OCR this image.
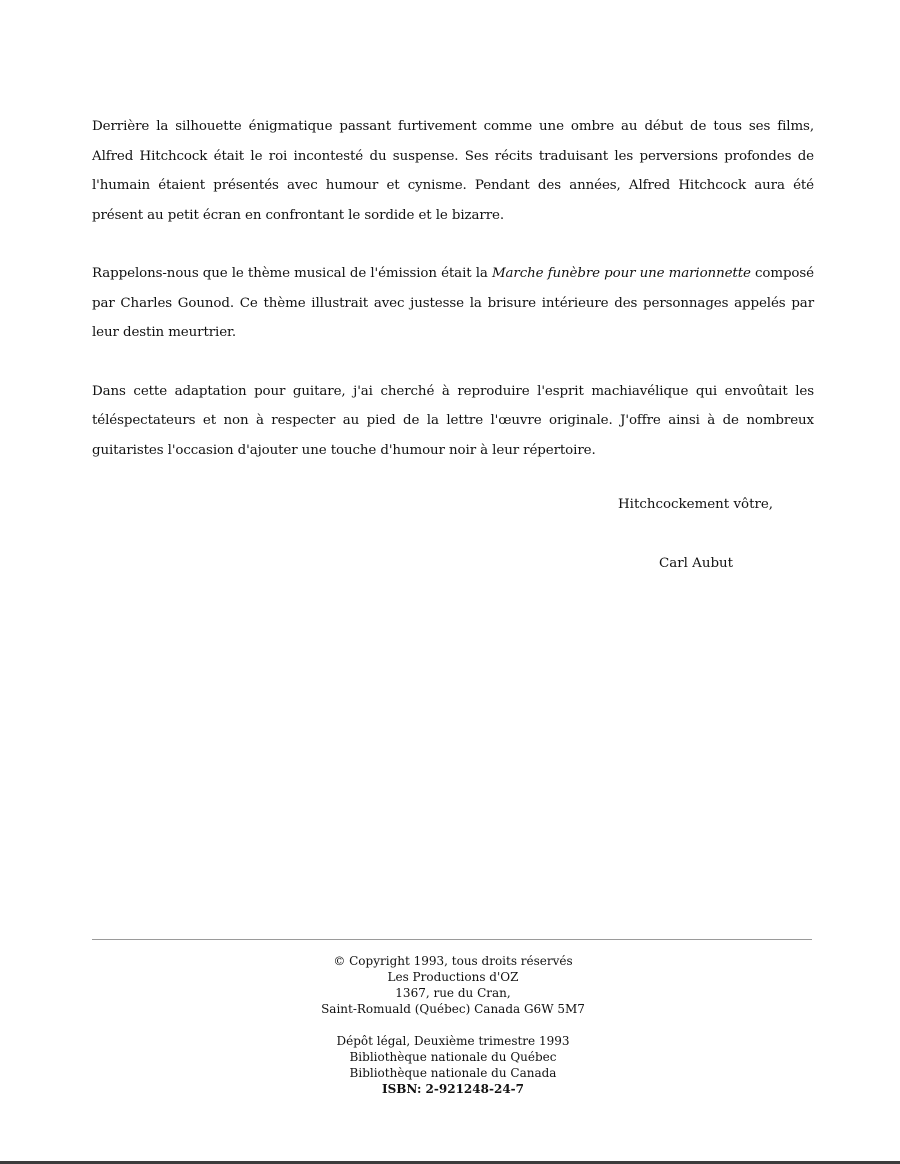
Derrière la silhouette énigmatique passant furtivement comme une ombre au début de tous ses films, Alfred Hitchcock était le roi incontesté du suspense. Ses récits traduisant les perversions profondes de l'humain étaient présentés avec humour et cynisme. Pendant des années, Alfred Hitchcock aura été présent au petit écran en confrontant le sordide et le bizarre.

Rappelons-nous que le thème musical de l'émission était la Marche funèbre pour une marionnette composé par Charles Gounod. Ce thème illustrait avec justesse la brisure intérieure des personnages appelés par leur destin meurtrier.

Dans cette adaptation pour guitare, j'ai cherché à reproduire l'esprit machiavélique qui envoûtait les téléspectateurs et non à respecter au pied de la lettre l'œuvre originale. J'offre ainsi à de nombreux guitaristes l'occasion d'ajouter une touche d'humour noir à leur répertoire.

Hitchcockement vôtre,
Carl Aubut
© Copyright 1993, tous droits réservés
Les Productions d'OZ
1367, rue du Cran,
Saint-Romuald (Québec) Canada G6W 5M7
Dépôt légal, Deuxième trimestre 1993
Bibliothèque nationale du Québec
Bibliothèque nationale du Canada
ISBN: 2-921248-24-7
